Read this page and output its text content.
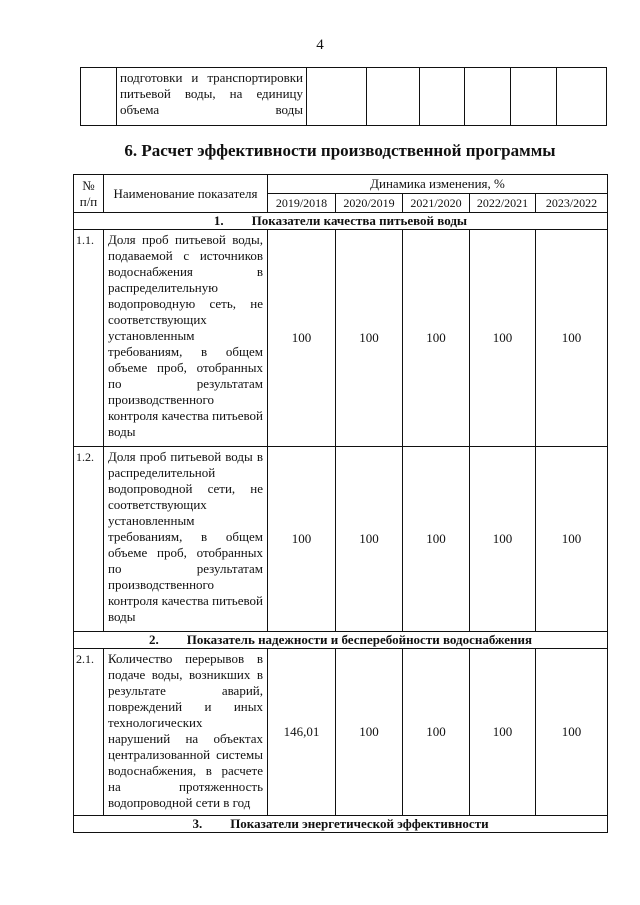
4
	подготовки и транспортировки питьевой воды, на единицу объема воды						
6. Расчет эффективности производственной программы
№ п/п	Наименование показателя	Динамика изменения, %				
		2019/2018	2020/2019	2021/2020	2022/2021	2023/2022
1. Показатели качества питьевой воды						
1.1.	Доля проб питьевой воды, подаваемой с источников водоснабжения в распределительную водопроводную сеть, не соответствующих установленным требованиям, в общем объеме проб, отобранных по результатам производственного контроля качества питьевой воды	100	100	100	100	100
1.2.	Доля проб питьевой воды в распределительной водопроводной сети, не соответствующих установленным требованиям, в общем объеме проб, отобранных по результатам производственного контроля качества питьевой воды	100	100	100	100	100
2. Показатель надежности и бесперебойности водоснабжения						
2.1.	Количество перерывов в подаче воды, возникших в результате аварий, повреждений и иных технологических нарушений на объектах централизованной системы водоснабжения, в расчете на протяженность водопроводной сети в год	146,01	100	100	100	100
3. Показатели энергетической эффективности						
